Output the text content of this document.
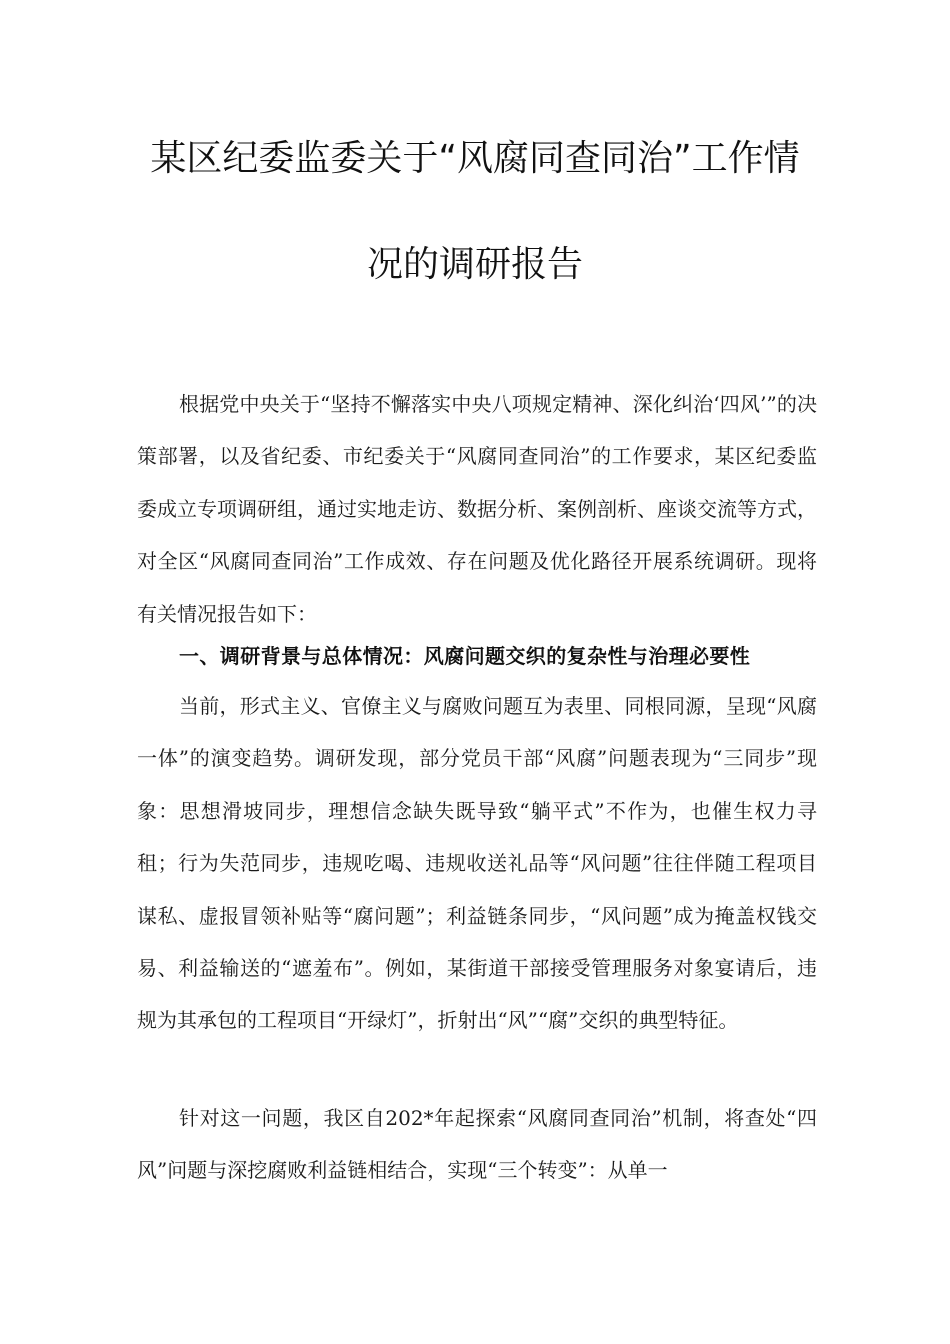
某区纪委监委关于“风腐同查同治”工作情
况的调研报告

根据党中央关于“坚持不懈落实中央八项规定精神、深化纠治‘四风’”的决策部署，以及省纪委、市纪委关于“风腐同查同治”的工作要求，某区纪委监委成立专项调研组，通过实地走访、数据分析、案例剖析、座谈交流等方式，对全区“风腐同查同治”工作成效、存在问题及优化路径开展系统调研。现将有关情况报告如下：

一、调研背景与总体情况：风腐问题交织的复杂性与治理必要性

当前，形式主义、官僚主义与腐败问题互为表里、同根同源，呈现“风腐一体”的演变趋势。调研发现，部分党员干部“风腐”问题表现为“三同步”现象：思想滑坡同步，理想信念缺失既导致“躺平式”不作为，也催生权力寻租；行为失范同步，违规吃喝、违规收送礼品等“风问题”往往伴随工程项目谋私、虚报冒领补贴等“腐问题”；利益链条同步，“风问题”成为掩盖权钱交易、利益输送的“遮羞布”。例如，某街道干部接受管理服务对象宴请后，违规为其承包的工程项目“开绿灯”，折射出“风”“腐”交织的典型特征。

针对这一问题，我区自202*年起探索“风腐同查同治”机制，将查处“四风”问题与深挖腐败利益链相结合，实现“三个转变”：从单一
